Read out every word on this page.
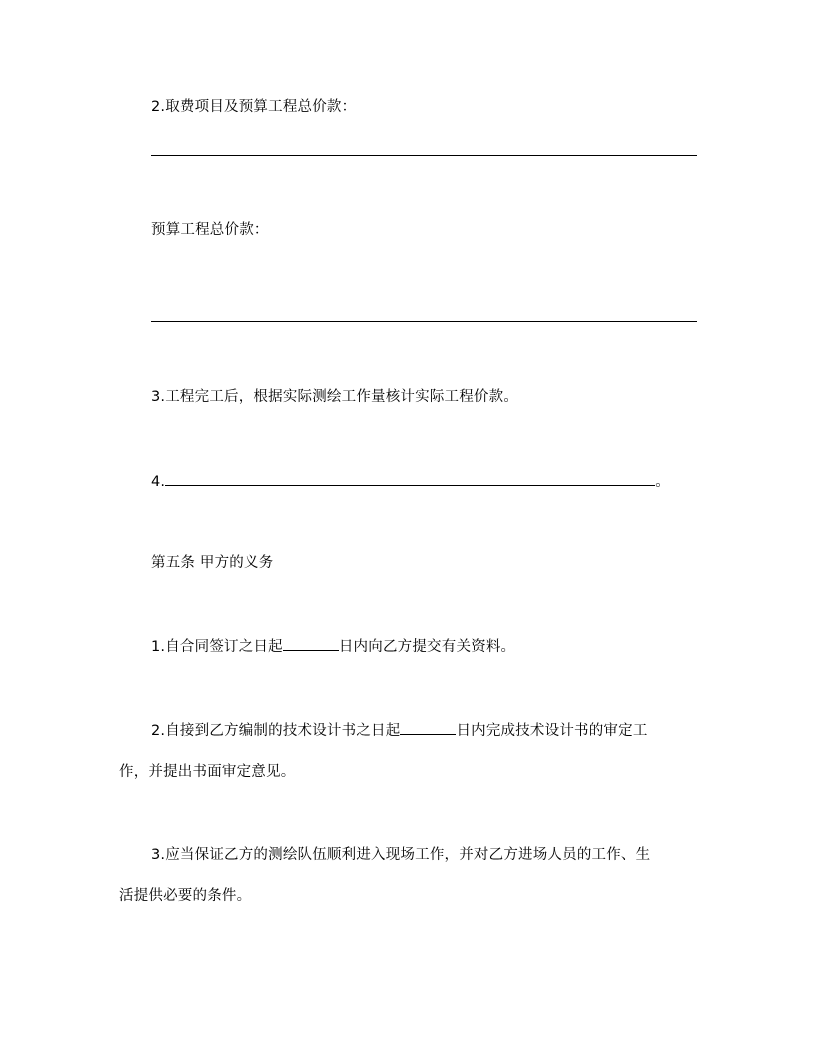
2.取费项目及预算工程总价款：
预算工程总价款：
3.工程完工后，根据实际测绘工作量核计实际工程价款。
4.	。
第五条 甲方的义务
1.自合同签订之日起	日内向乙方提交有关资料。
2.自接到乙方编制的技术设计书之日起	日内完成技术设计书的审定工
作，并提出书面审定意见。
3.应当保证乙方的测绘队伍顺利进入现场工作，并对乙方进场人员的工作、生
活提供必要的条件。
